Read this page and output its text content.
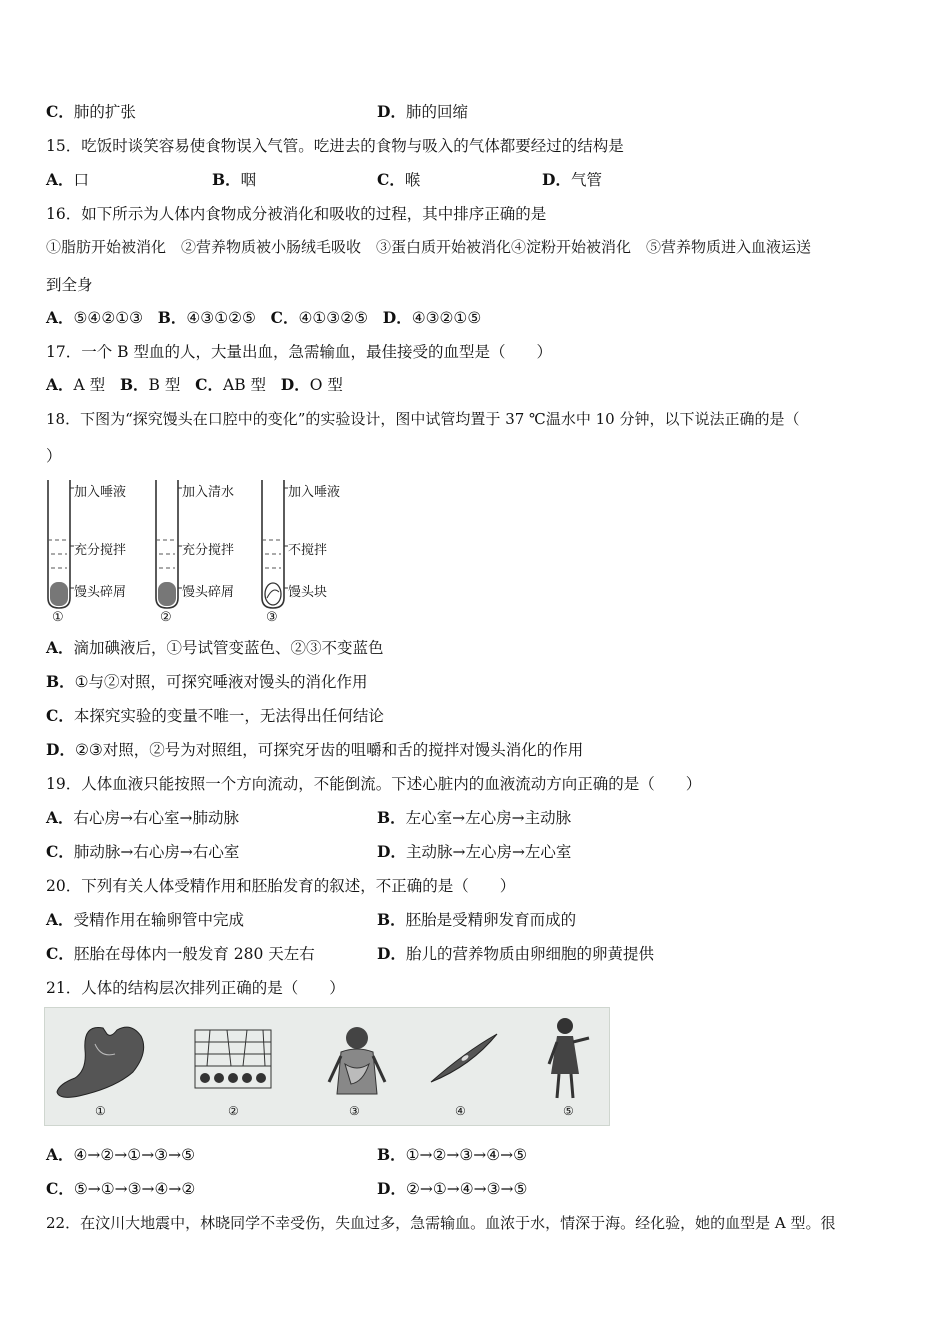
C．肺的扩张	D．肺的回缩
15．吃饭时谈笑容易使食物误入气管。吃进去的食物与吸入的气体都要经过的结构是
A．口	B．咽	C．喉	D．气管
16．如下所示为人体内食物成分被消化和吸收的过程，其中排序正确的是
①脂肪开始被消化　②营养物质被小肠绒毛吸收　③蛋白质开始被消化④淀粉开始被消化　⑤营养物质进入血液运送
到全身
A．⑤④②①③ B．④③①②⑤ C．④①③②⑤ D．④③②①⑤
17．一个 B 型血的人，大量出血，急需输血，最佳接受的血型是（　　）
A．A 型 B．B 型 C．AB 型 D．O 型
18．下图为“探究馒头在口腔中的变化”的实验设计，图中试管均置于 37 ℃温水中 10 分钟，以下说法正确的是（
）
加入唾液
充分搅拌
馒头碎屑
①
加入清水
充分搅拌
馒头碎屑
②
加入唾液
不搅拌
馒头块
③
A．滴加碘液后，①号试管变蓝色、②③不变蓝色
B．①与②对照，可探究唾液对馒头的消化作用
C．本探究实验的变量不唯一，无法得出任何结论
D．②③对照，②号为对照组，可探究牙齿的咀嚼和舌的搅拌对馒头消化的作用
19．人体血液只能按照一个方向流动，不能倒流。下述心脏内的血液流动方向正确的是（　　）
A．右心房→右心室→肺动脉	B．左心室→左心房→主动脉
C．肺动脉→右心房→右心室	D．主动脉→左心房→左心室
20．下列有关人体受精作用和胚胎发育的叙述，不正确的是（　　）
A．受精作用在输卵管中完成	B．胚胎是受精卵发育而成的
C．胚胎在母体内一般发育 280 天左右	D．胎儿的营养物质由卵细胞的卵黄提供
21．人体的结构层次排列正确的是（　　）
①	②	③	④	⑤
A．④→②→①→③→⑤	B．①→②→③→④→⑤
C．⑤→①→③→④→②	D．②→①→④→③→⑤
22．在汶川大地震中，林晓同学不幸受伤，失血过多，急需输血。血浓于水，情深于海。经化验，她的血型是 A 型。很
